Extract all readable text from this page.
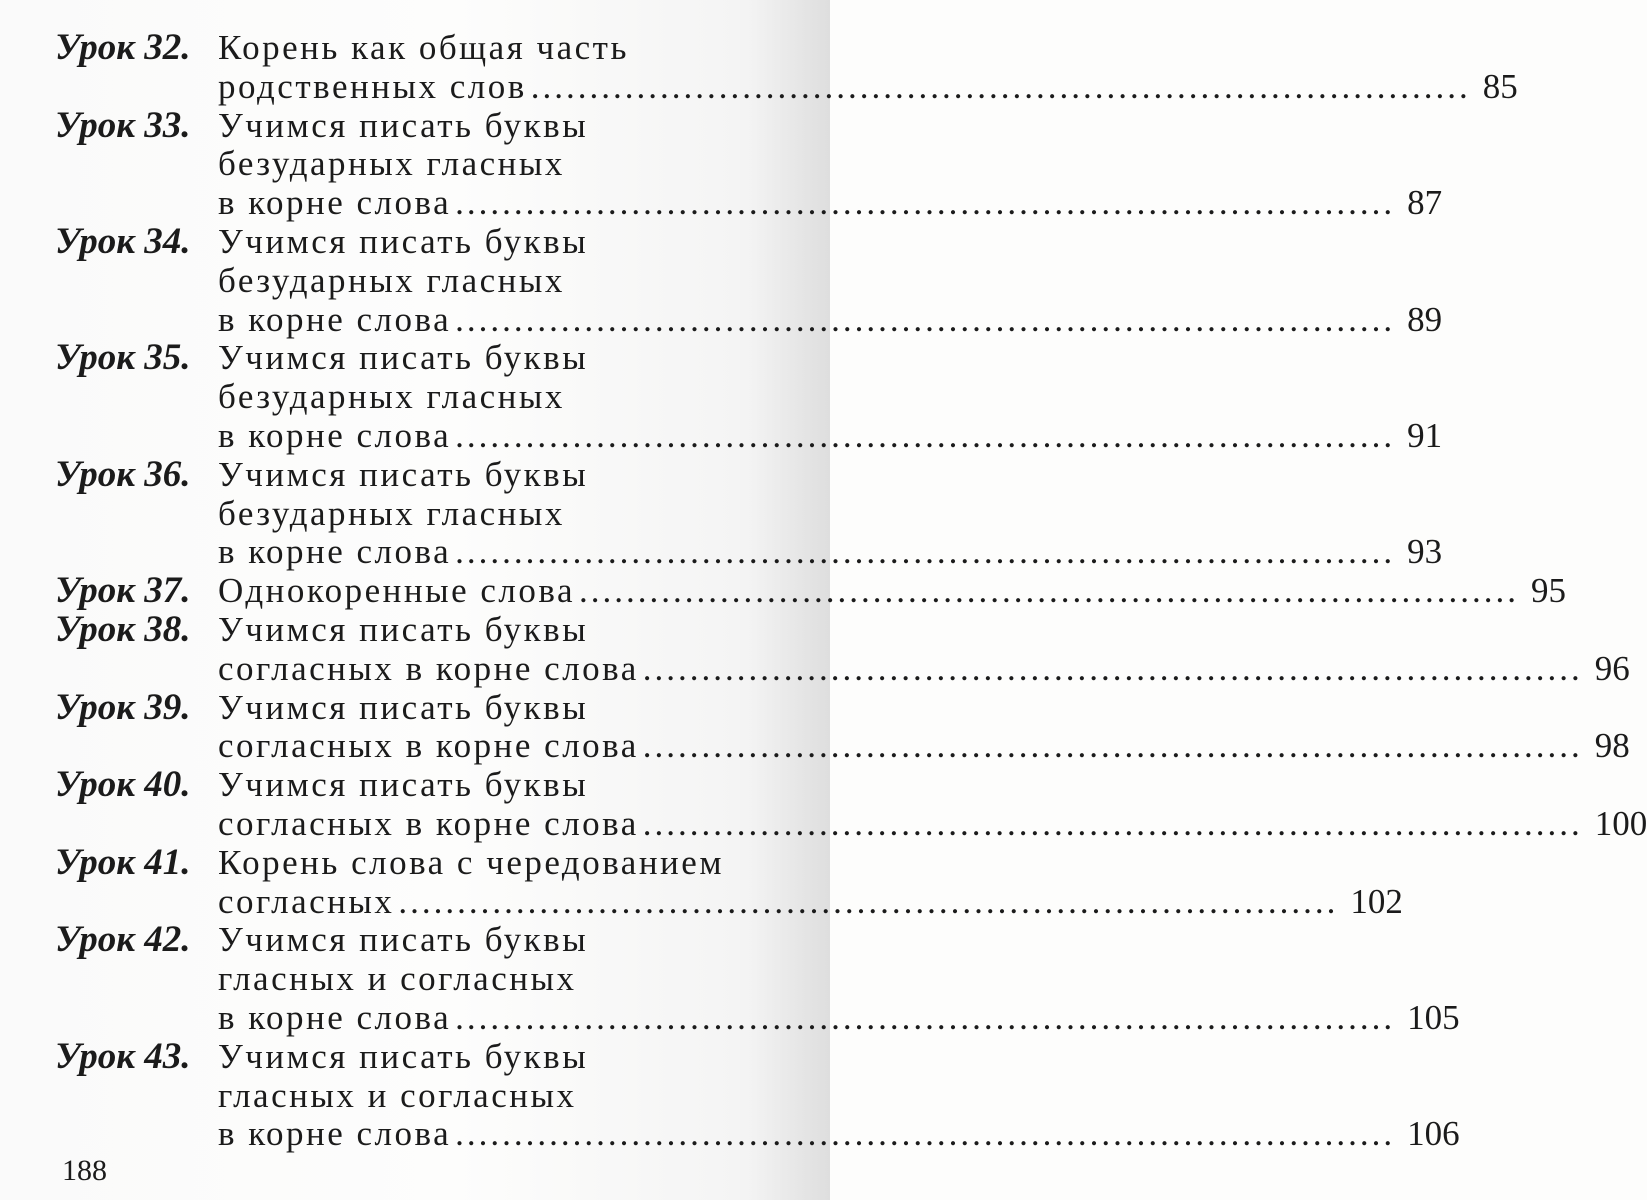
Урок 32. Корень как общая часть
родственных слов ................................................................................ 85
Урок 33. Учимся писать буквы
безударных гласных
в корне слова ................................................................................ 87
Урок 34. Учимся писать буквы
безударных гласных
в корне слова ................................................................................ 89
Урок 35. Учимся писать буквы
безударных гласных
в корне слова ................................................................................ 91
Урок 36. Учимся писать буквы
безударных гласных
в корне слова ................................................................................ 93
Урок 37. Однокоренные слова ................................................................................ 95
Урок 38. Учимся писать буквы
согласных в корне слова ................................................................................ 96
Урок 39. Учимся писать буквы
согласных в корне слова ................................................................................ 98
Урок 40. Учимся писать буквы
согласных в корне слова ................................................................................ 100
Урок 41. Корень слова с чередованием
согласных ................................................................................ 102
Урок 42. Учимся писать буквы
гласных и согласных
в корне слова ................................................................................ 105
Урок 43. Учимся писать буквы
гласных и согласных
в корне слова ................................................................................ 106
188
